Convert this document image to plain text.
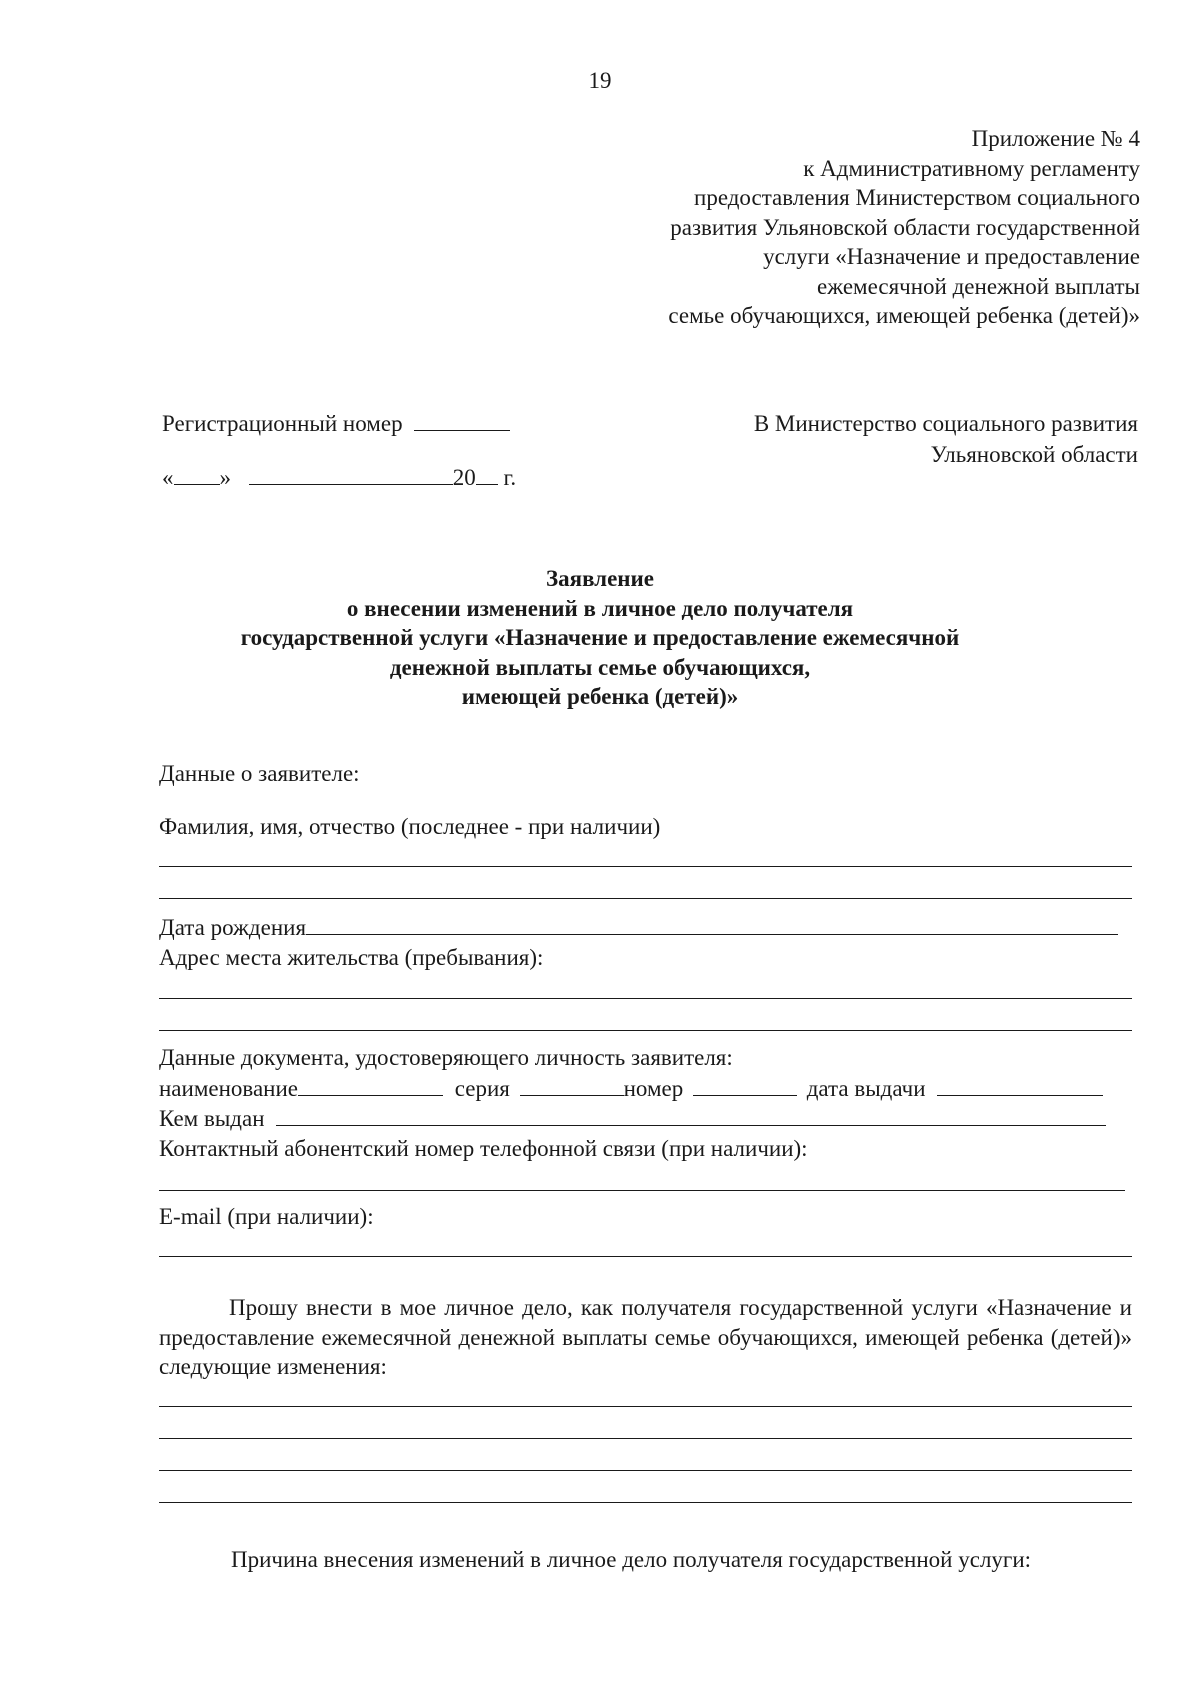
19
Приложение № 4
к Административному регламенту
предоставления Министерством социального
развития Ульяновской области государственной
услуги «Назначение и предоставление
ежемесячной денежной выплаты
семье обучающихся, имеющей ребенка (детей)»
Регистрационный номер
« »	20 г.
В Министерство социального развития
Ульяновской области
Заявление
о внесении изменений в личное дело получателя
государственной услуги «Назначение и предоставление ежемесячной
денежной выплаты семье обучающихся,
имеющей ребенка (детей)»
Данные о заявителе:
Фамилия, имя, отчество (последнее - при наличии)
Дата рождения
Адрес места жительства (пребывания):
Данные документа, удостоверяющего личность заявителя:
наименование	серия	номер	дата выдачи
Кем выдан
Контактный абонентский номер телефонной связи (при наличии):
E-mail (при наличии):
Прошу внести в мое личное дело, как получателя государственной услуги «Назначение и предоставление ежемесячной денежной выплаты семье обучающихся, имеющей ребенка (детей)» следующие изменения:
Причина внесения изменений в личное дело получателя государственной услуги:
